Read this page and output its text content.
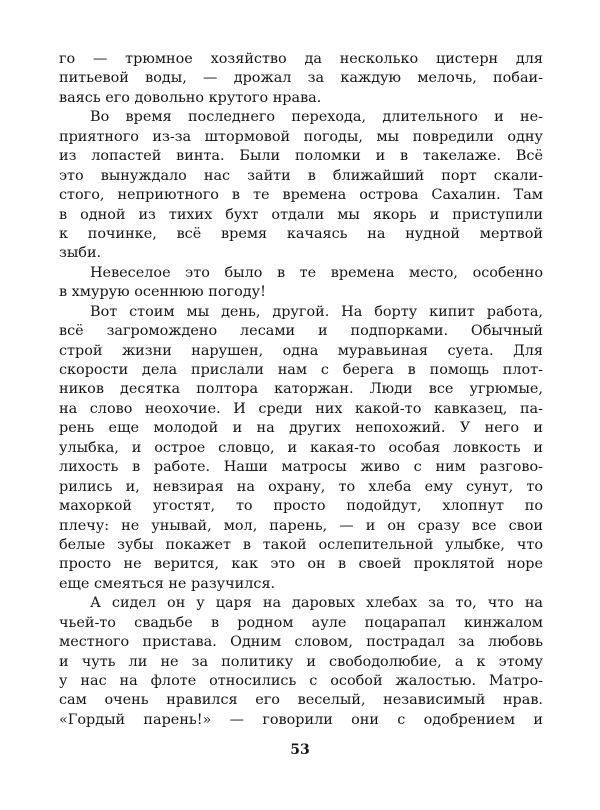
го — трюмное хозяйство да несколько цистерн для
питьевой воды, — дрожал за каждую мелочь, побаи-
ваясь его довольно крутого нрава.
Во время последнего перехода, длительного и не-
приятного из-за штормовой погоды, мы повредили одну
из лопастей винта. Были поломки и в такелаже. Всё
это вынуждало нас зайти в ближайший порт скали-
стого, неприютного в те времена острова Сахалин. Там
в одной из тихих бухт отдали мы якорь и приступили
к починке, всё время качаясь на нудной мертвой
зыби.
Невеселое это было в те времена место, особенно
в хмурую осеннюю погоду!
Вот стоим мы день, другой. На борту кипит работа,
всё загромождено лесами и подпорками. Обычный
строй жизни нарушен, одна муравьиная суета. Для
скорости дела прислали нам с берега в помощь плот-
ников десятка полтора каторжан. Люди все угрюмые,
на слово неохочие. И среди них какой-то кавказец, па-
рень еще молодой и на других непохожий. У него и
улыбка, и острое словцо, и какая-то особая ловкость и
лихость в работе. Наши матросы живо с ним разгово-
рились и, невзирая на охрану, то хлеба ему сунут, то
махоркой угостят, то просто подойдут, хлопнут по
плечу: не унывай, мол, парень, — и он сразу все свои
белые зубы покажет в такой ослепительной улыбке, что
просто не верится, как это он в своей проклятой норе
еще смеяться не разучился.
А сидел он у царя на даровых хлебах за то, что на
чьей-то свадьбе в родном ауле поцарапал кинжалом
местного пристава. Одним словом, пострадал за любовь
и чуть ли не за политику и свободолюбие, а к этому
у нас на флоте относились с особой жалостью. Матро-
сам очень нравился его веселый, независимый нрав.
«Гордый парень!» — говорили они с одобрением и
53
